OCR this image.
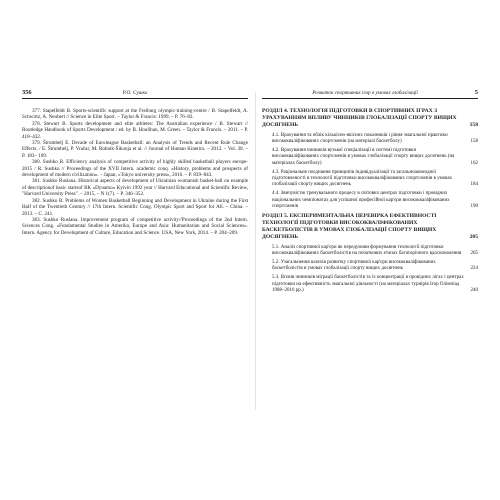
356	Р.О. Сушко

377. Stapelfeldt B. Sports-scientific support at the Freiburg olympic-training-centre / B. Stapelfeldt, A. Schwirtz, A. Neubert // Science in Elite Sport. – Taylor & Francis: 1999. – P. 76–82.

378. Stewart B. Sports development and elite athletes: The Australian experience / B. Stewart // Routledge Handbook of Sports Development / ed. by B. Houlihan, M. Green. – Taylor & Francis. – 2011. – P. 418–432.

379. Štrumbelj E. Decade of Euroleague Basketball: an Analysis of Trends and Recent Rule Change Effects. / E. Štrumbelj, P. Vračar, M. Robnik-Šikonja et al. // Journal of Human Kinetics. – 2013. – Vol. 38. – P. 183– 189.

380. Sushko R. Efficiency analysis of competitive activity of highly skilled basketball players europe-2015 / R. Sushko // Proceedings of the XVII Intern. academic conq. «History, problems and prospects of development of modern civilization». – Japan; «Tokyo university press», 2016. – P. 839–843.

381. Sushko Ruslana. Historical aspects of development of Ukrainian womanish basket-ball on example of descriptionof basic startsof BK «Dynamo» Kyivin 1992 year // Harvard Educational and Scientific Review, "Harvard University Press". – 2015, – N 1(7). – P. 346–352.

382. Sushko R. Problems of Women Basketball Beginning and Development in Ukraine during the First Half of the Twentieth Century // 17th Intern. Scientific Cong. Olympic Sport and Sport for All. – China. – 2013. – С. 241.

383. Sushko Ruslana. Improvement program of competitive activity//Proceedings of the 2nd Intern. Sciences Cong. «Fundamental Studies in Amerika, Europe and Asia: Humanitarian and Social Sciences». Intern. Agency for Development of Culture, Education and Science. USA, New York, 2014. – P. 204–209.

Розвиток спортивних ігор в умовах глобалізації	5
РОЗДІЛ 4. ТЕХНОЛОГІЯ ПІДГОТОВКИ В СПОРТИВНИХ ІГРАХ З УРАХУВАННЯМ ВПЛИВУ ЧИННИКІВ ГЛОБАЛІЗАЦІЇ СПОРТУ ВИЩИХ ДОСЯГНЕНЬ	158
4.1. Врахування та облік кількісно-якісних показників і рівня змагальної практики висококваліфікованих спортсменів (на матеріалі баскетболу)	158
4.2. Врахування чинників вузької спеціалізації в системі підготовки висококваліфікованих спортсменів в умовах глобалізації спорту вищих досягнень (на матеріалах баскетболу)	162
4.3. Раціональне поєднання принципів індивідуалізації та загальноакомодної підготовленості в технології підготовки висококваліфікованих спортсменів в умовах глобалізації спорту вищих досягнень	184
4.4. Звичувістю тренувального процесу в світових центрах підготовки і провідних національних чемпіонатах для успішної професійної кар'єри висококваліфікованих спортсменів	190
РОЗДІЛ 5. ЕКСПЕРИМЕНТАЛЬНА ПЕРЕВІРКА ЕФЕКТИВНОСТІ ТЕХНОЛОГІЇ ПІДГОТОВКИ ВИСОКОКВАЛІФІКОВАНИХ БАСКЕТБОЛІСТІВ В УМОВАХ ГЛОБАЛІЗАЦІЇ СПОРТУ ВИЩИХ ДОСЯГНЕНЬ	205
5.1. Аналіз спортивної кар'єри як передумови формування технології підготовки висококваліфікованих баскетболістів на початкових етапах багаторічного вдосконалення	205
5.2. Узагальнення шляхів розвитку спортивної кар'єри висококваліфікованих баскетболістів в умовах глобалізації спорту вищих досягнень	224
5.3. Вплив чинників міграції баскетболістів та їх концентрації в провідних лігах і центрах підготовки на ефективність змагальної діяльності (на матеріалах турнірів Ігор Олімпіад 1988–2016 рр.)	240
